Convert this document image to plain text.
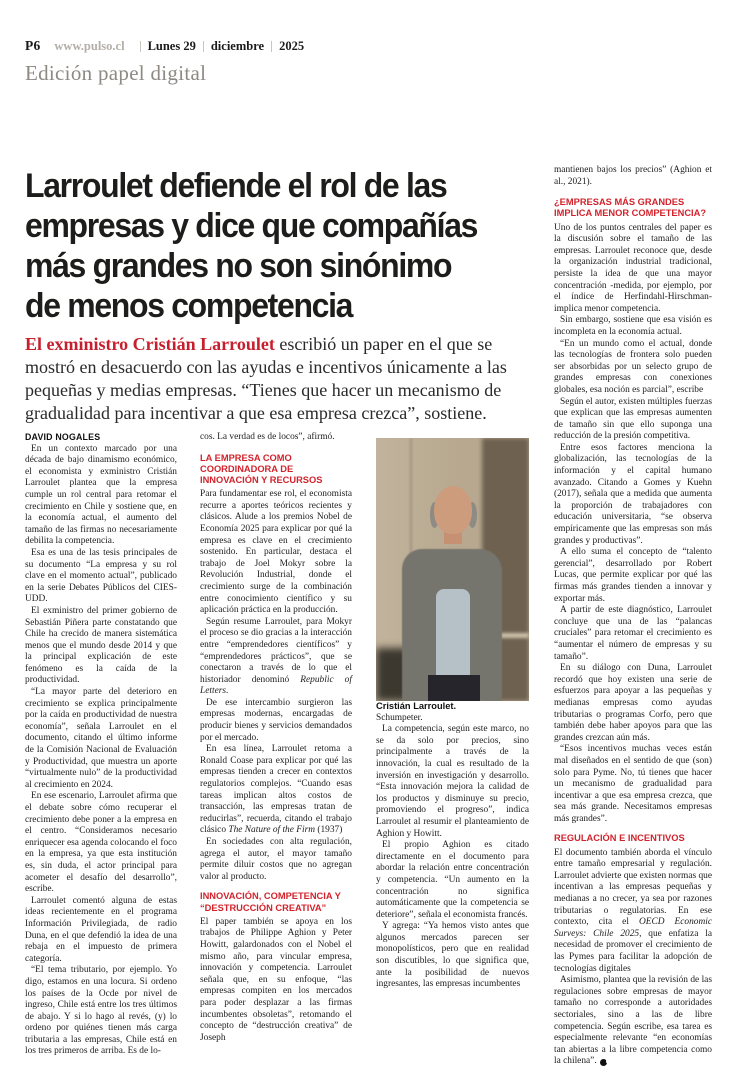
P6 www.pulso.cl Lunes 29 diciembre 2025
Edición papel digital
Larroulet defiende el rol de las
empresas y dice que compañías
más grandes no son sinónimo
de menos competencia
El exministro Cristián Larroulet escribió un paper en el que se mostró en desacuerdo con las ayudas e incentivos únicamente a las pequeñas y medias empresas. “Tienes que hacer un mecanismo de gradualidad para incentivar a que esa empresa crezca”, sostiene.

DAVID NOGALES

En un contexto marcado por una década de bajo dinamismo económico, el economista y exministro Cristián Larroulet plantea que la empresa cumple un rol central para retomar el crecimiento en Chile y sostiene que, en la economía actual, el aumento del tamaño de las firmas no necesariamente debilita la competencia.

Esa es una de las tesis principales de su documento “La empresa y su rol clave en el momento actual”, publicado en la serie Debates Públicos del CIES-UDD.

El exministro del primer gobierno de Sebastián Piñera parte constatando que Chile ha crecido de manera sistemática menos que el mundo desde 2014 y que la principal explicación de este fenómeno es la caída de la productividad.

“La mayor parte del deterioro en crecimiento se explica principalmente por la caída en productividad de nuestra economía”, señala Larroulet en el documento, citando el último informe de la Comisión Nacional de Evaluación y Productividad, que muestra un aporte “virtualmente nulo” de la productividad al crecimiento en 2024.

En ese escenario, Larroulet afirma que el debate sobre cómo recuperar el crecimiento debe poner a la empresa en el centro. “Consideramos necesario enriquecer esa agenda colocando el foco en la empresa, ya que esta institución es, sin duda, el actor principal para acometer el desafío del desarrollo”, escribe.

Larroulet comentó alguna de estas ideas recientemente en el programa Información Privilegiada, de radio Duna, en el que defendió la idea de una rebaja en el impuesto de primera categoría.

“El tema tributario, por ejemplo. Yo digo, estamos en una locura. Si ordeno los países de la Ocde por nivel de ingreso, Chile está entre los tres últimos de abajo. Y si lo hago al revés, (y) lo ordeno por quiénes tienen más carga tributaria a las empresas, Chile está en los tres primeros de arriba. Es de lo-

cos. La verdad es de locos”, afirmó.

LA EMPRESA COMO COORDINADORA DE INNOVACIÓN Y RECURSOS

Para fundamentar ese rol, el economista recurre a aportes teóricos recientes y clásicos. Alude a los premios Nobel de Economía 2025 para explicar por qué la empresa es clave en el crecimiento sostenido. En particular, destaca el trabajo de Joel Mokyr sobre la Revolución Industrial, donde el crecimiento surge de la combinación entre conocimiento científico y su aplicación práctica en la producción.

Según resume Larroulet, para Mokyr el proceso se dio gracias a la interacción entre “emprendedores científicos” y “emprendedores prácticos”, que se conectaron a través de lo que el historiador denominó Republic of Letters.

De ese intercambio surgieron las empresas modernas, encargadas de producir bienes y servicios demandados por el mercado.

En esa línea, Larroulet retoma a Ronald Coase para explicar por qué las empresas tienden a crecer en contextos regulatorios complejos. “Cuando esas tareas implican altos costos de transacción, las empresas tratan de reducirlas”, recuerda, citando el trabajo clásico The Nature of the Firm (1937)

En sociedades con alta regulación, agrega el autor, el mayor tamaño permite diluir costos que no agregan valor al producto.

INNOVACIÓN, COMPETENCIA Y “DESTRUCCIÓN CREATIVA”

El paper también se apoya en los trabajos de Philippe Aghion y Peter Howitt, galardonados con el Nobel el mismo año, para vincular empresa, innovación y competencia. Larroulet señala que, en su enfoque, “las empresas compiten en los mercados para poder desplazar a las firmas incumbentes obsoletas”, retomando el concepto de “destrucción creativa” de Joseph

Cristián Larroulet.

Schumpeter.

La competencia, según este marco, no se da solo por precios, sino principalmente a través de la innovación, la cual es resultado de la inversión en investigación y desarrollo. “Esta innovación mejora la calidad de los productos y disminuye su precio, promoviendo el progreso”, indica Larroulet al resumir el planteamiento de Aghion y Howitt.

El propio Aghion es citado directamente en el documento para abordar la relación entre concentración y competencia. “Un aumento en la concentración no significa automáticamente que la competencia se deteriore”, señala el economista francés.

Y agrega: “Ya hemos visto antes que algunos mercados parecen ser monopolísticos, pero que en realidad son discutibles, lo que significa que, ante la posibilidad de nuevos ingresantes, las empresas incumbentes

mantienen bajos los precios” (Aghion et al., 2021).

¿EMPRESAS MÁS GRANDES IMPLICA MENOR COMPETENCIA?

Uno de los puntos centrales del paper es la discusión sobre el tamaño de las empresas. Larroulet reconoce que, desde la organización industrial tradicional, persiste la idea de que una mayor concentración -medida, por ejemplo, por el índice de Herfindahl-Hirschman- implica menor competencia.

Sin embargo, sostiene que esa visión es incompleta en la economía actual.

“En un mundo como el actual, donde las tecnologías de frontera solo pueden ser absorbidas por un selecto grupo de grandes empresas con conexiones globales, esa noción es parcial”, escribe

Según el autor, existen múltiples fuerzas que explican que las empresas aumenten de tamaño sin que ello suponga una reducción de la presión competitiva.

Entre esos factores menciona la globalización, las tecnologías de la información y el capital humano avanzado. Citando a Gomes y Kuehn (2017), señala que a medida que aumenta la proporción de trabajadores con educación universitaria, “se observa empíricamente que las empresas son más grandes y productivas”.

A ello suma el concepto de “talento gerencial”, desarrollado por Robert Lucas, que permite explicar por qué las firmas más grandes tienden a innovar y exportar más.

A partir de este diagnóstico, Larroulet concluye que una de las “palancas cruciales” para retomar el crecimiento es “aumentar el número de empresas y su tamaño”.

En su diálogo con Duna, Larroulet recordó que hoy existen una serie de esfuerzos para apoyar a las pequeñas y medianas empresas como ayudas tributarias o programas Corfo, pero que también debe haber apoyos para que las grandes crezcan aún más.

“Esos incentivos muchas veces están mal diseñados en el sentido de que (son) solo para Pyme. No, tú tienes que hacer un mecanismo de gradualidad para incentivar a que esa empresa crezca, que sea más grande. Necesitamos empresas más grandes”.

REGULACIÓN E INCENTIVOS

El documento también aborda el vínculo entre tamaño empresarial y regulación. Larroulet advierte que existen normas que incentivan a las empresas pequeñas y medianas a no crecer, ya sea por razones tributarias o regulatorias. En ese contexto, cita el OECD Economic Surveys: Chile 2025, que enfatiza la necesidad de promover el crecimiento de las Pymes para facilitar la adopción de tecnologías digitales

Asimismo, plantea que la revisión de las regulaciones sobre empresas de mayor tamaño no corresponde a autoridades sectoriales, sino a las de libre competencia. Según escribe, esa tarea es especialmente relevante “en economías tan abiertas a la libre competencia como la chilena”. P
